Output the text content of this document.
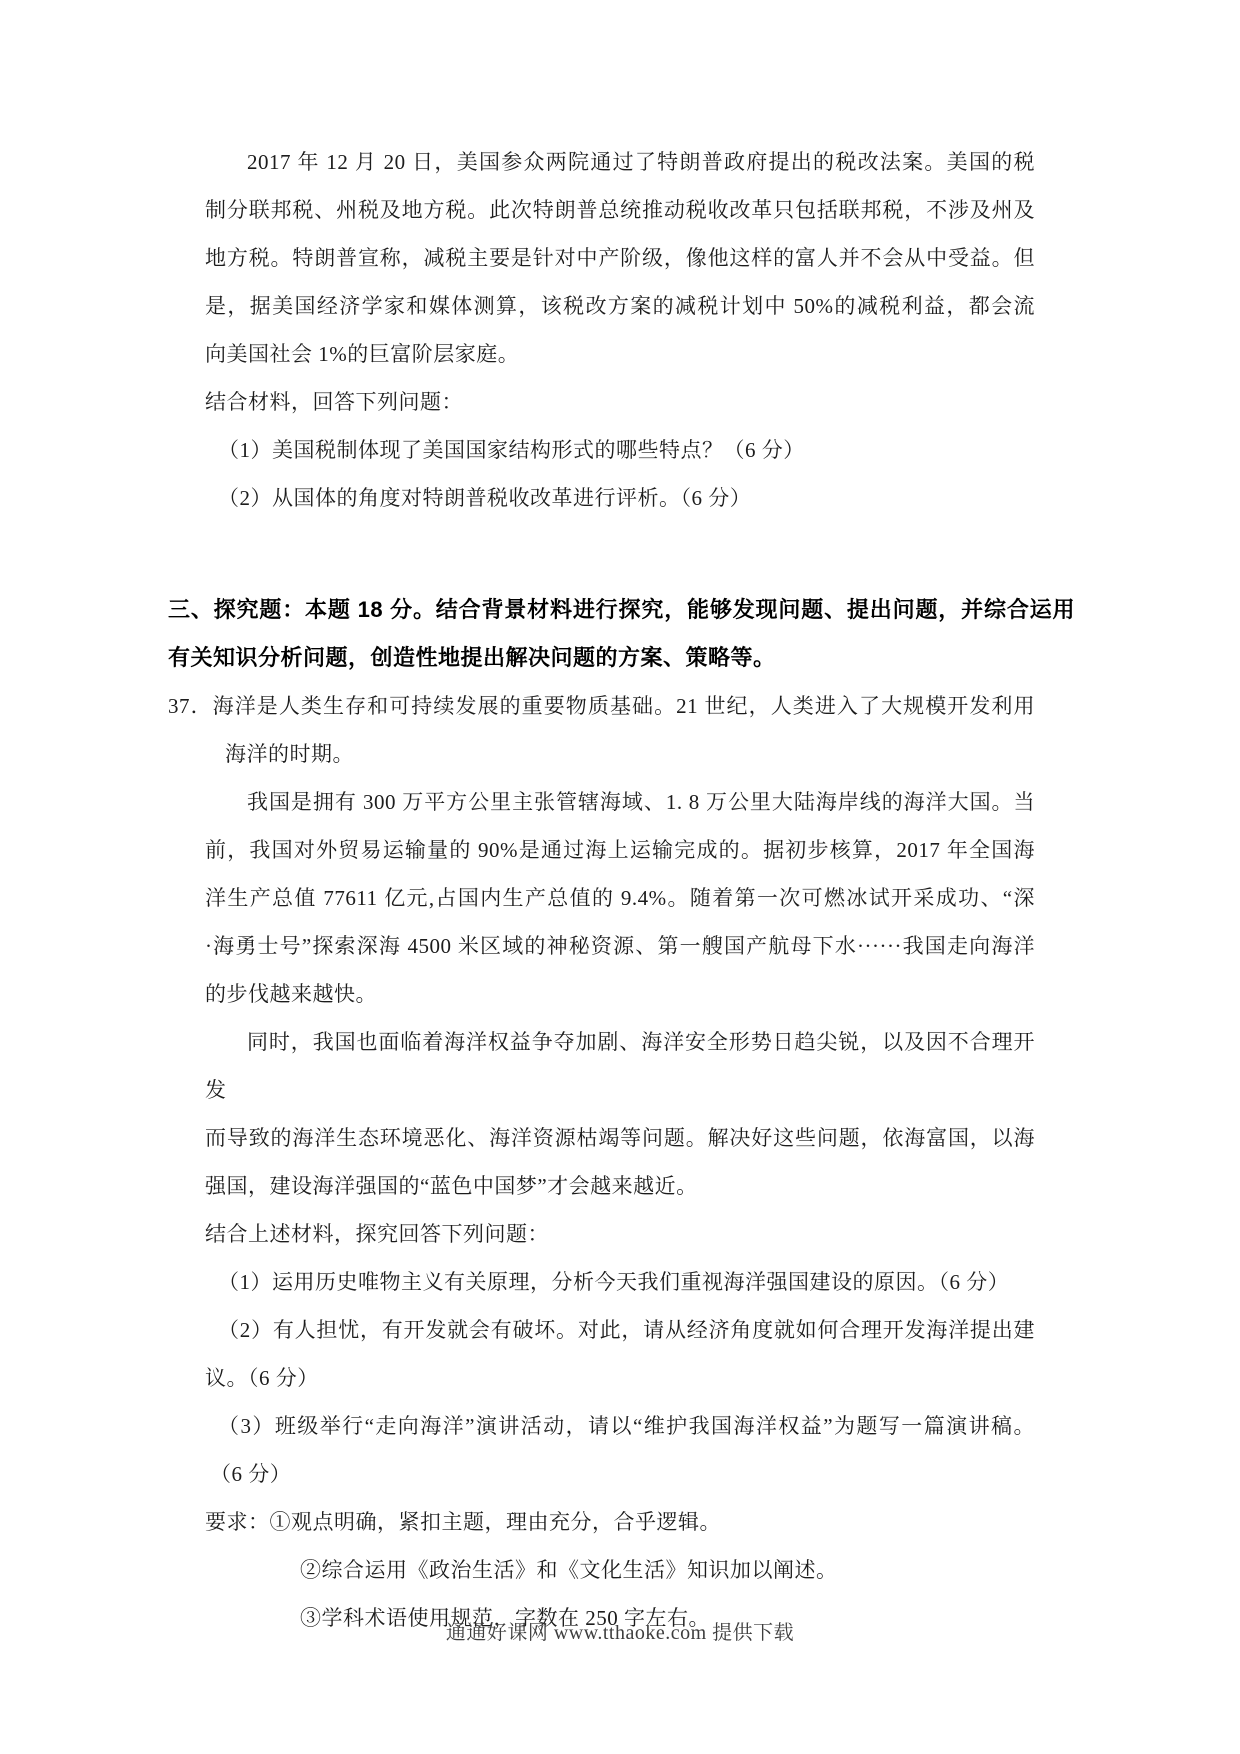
2017 年 12 月 20 日，美国参众两院通过了特朗普政府提出的税改法案。美国的税
制分联邦税、州税及地方税。此次特朗普总统推动税收改革只包括联邦税，不涉及州及
地方税。特朗普宣称，减税主要是针对中产阶级，像他这样的富人并不会从中受益。但
是，据美国经济学家和媒体测算，该税改方案的减税计划中 50%的减税利益，都会流
向美国社会 1%的巨富阶层家庭。
结合材料，回答下列问题：
（1）美国税制体现了美国国家结构形式的哪些特点？（6 分）
（2）从国体的角度对特朗普税收改革进行评析。（6 分）
三、探究题：本题 18 分。结合背景材料进行探究，能够发现问题、提出问题，并综合运用
有关知识分析问题，创造性地提出解决问题的方案、策略等。
37．海洋是人类生存和可持续发展的重要物质基础。21 世纪，人类进入了大规模开发利用
海洋的时期。
我国是拥有 300 万平方公里主张管辖海域、1. 8 万公里大陆海岸线的海洋大国。当
前，我国对外贸易运输量的 90%是通过海上运输完成的。据初步核算，2017 年全国海
洋生产总值 77611 亿元,占国内生产总值的 9.4%。随着第一次可燃冰试开采成功、“深
·海勇士号”探索深海 4500 米区域的神秘资源、第一艘国产航母下水······我国走向海洋
的步伐越来越快。
同时，我国也面临着海洋权益争夺加剧、海洋安全形势日趋尖锐，以及因不合理开发
而导致的海洋生态环境恶化、海洋资源枯竭等问题。解决好这些问题，依海富国，以海
强国，建设海洋强国的“蓝色中国梦”才会越来越近。
结合上述材料，探究回答下列问题：
（1）运用历史唯物主义有关原理，分析今天我们重视海洋强国建设的原因。（6 分）
（2）有人担忧，有开发就会有破坏。对此，请从经济角度就如何合理开发海洋提出建
议。（6 分）
（3）班级举行“走向海洋”演讲活动，请以“维护我国海洋权益”为题写一篇演讲稿。
（6 分）
要求：①观点明确，紧扣主题，理由充分，合乎逻辑。
②综合运用《政治生活》和《文化生活》知识加以阐述。
③学科术语使用规范，字数在 250 字左右。
通通好课网 www.tthaoke.com 提供下载
